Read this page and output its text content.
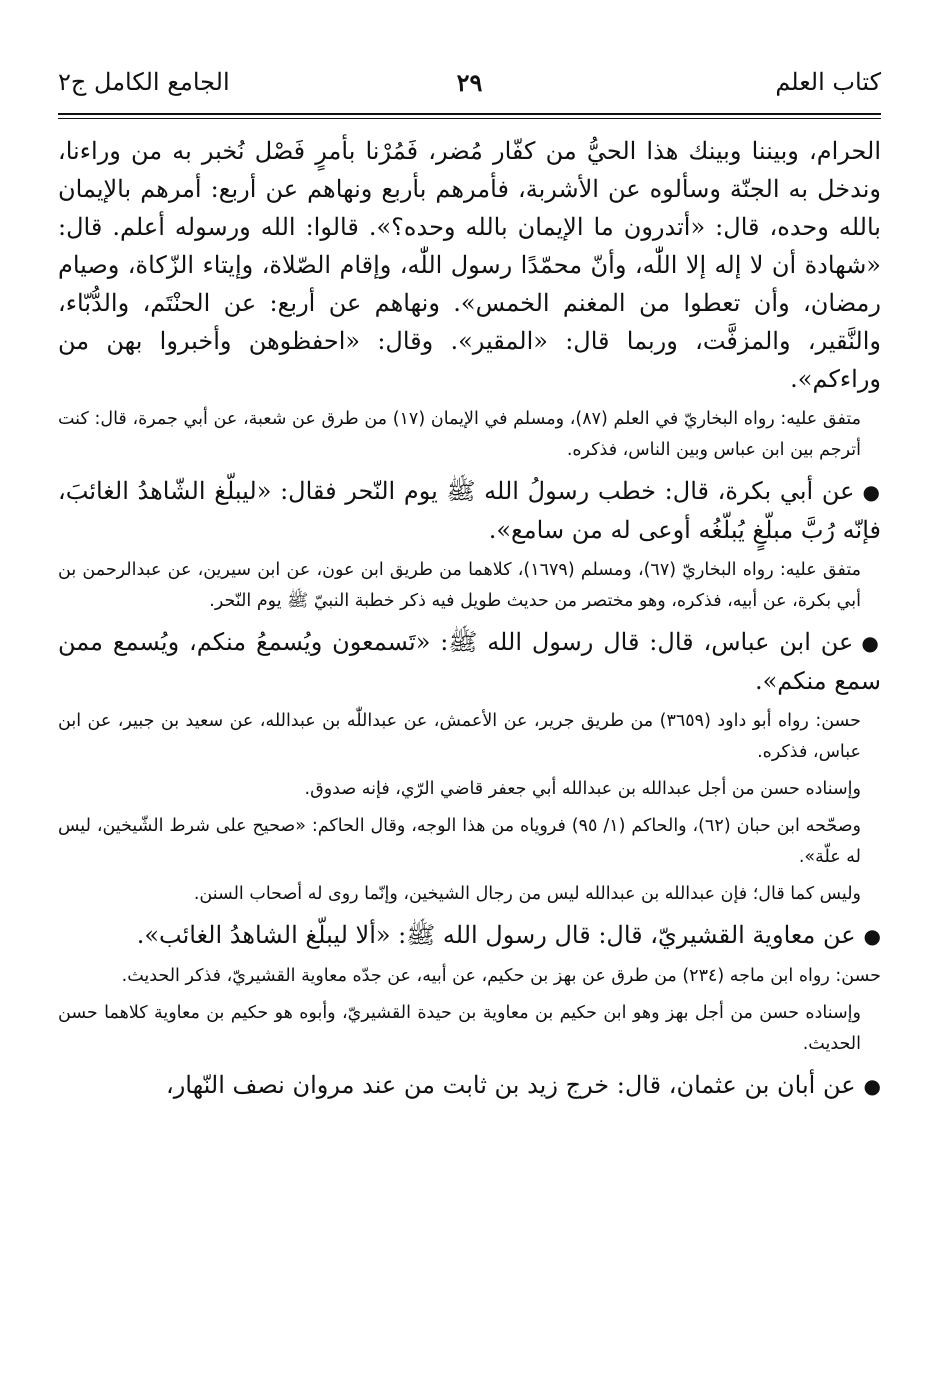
كتاب العلم
٢٩
الجامع الكامل ج٢

الحرام، وبيننا وبينك هذا الحيُّ من كفّار مُضر، فَمُرْنا بأمرٍ فَصْل نُخبر به من وراءنا، وندخل به الجنّة وسألوه عن الأشربة، فأمرهم بأربع ونهاهم عن أربع: أمرهم بالإيمان بالله وحده، قال: «أتدرون ما الإيمان بالله وحده؟». قالوا: الله ورسوله أعلم. قال: «شهادة أن لا إله إلا اللّٰه، وأنّ محمّدًا رسول اللّٰه، وإقام الصّلاة، وإيتاء الزّكاة، وصيام رمضان، وأن تعطوا من المغنم الخمس». ونهاهم عن أربع: عن الحنْتَم، والدُّبّاء، والنَّقير، والمزفَّت، وربما قال: «المقير». وقال: «احفظوهن وأخبروا بهن من وراءكم».

متفق عليه: رواه البخاريّ في العلم (٨٧)، ومسلم في الإيمان (١٧) من طرق عن شعبة، عن أبي جمرة، قال: كنت أترجم بين ابن عباس وبين الناس، فذكره.

●عن أبي بكرة، قال: خطب رسولُ الله ﷺ يوم النّحر فقال: «ليبلّغ الشّاهدُ الغائبَ، فإنّه رُبَّ مبلّغٍ يُبلّغُه أوعى له من سامع».

متفق عليه: رواه البخاريّ (٦٧)، ومسلم (١٦٧٩)، كلاهما من طريق ابن عون، عن ابن سيرين، عن عبدالرحمن بن أبي بكرة، عن أبيه، فذكره، وهو مختصر من حديث طويل فيه ذكر خطبة النبيّ ﷺ يوم النّحر.

●عن ابن عباس، قال: قال رسول الله ﷺ: «تَسمعون ويُسمعُ منكم، ويُسمع ممن سمع منكم».

حسن: رواه أبو داود (٣٦٥٩) من طريق جرير، عن الأعمش، عن عبداللّٰه بن عبدالله، عن سعيد بن جبير، عن ابن عباس، فذكره.

وإسناده حسن من أجل عبدالله بن عبدالله أبي جعفر قاضي الرّي، فإنه صدوق.

وصحّحه ابن حبان (٦٢)، والحاكم (١/ ٩٥) فروياه من هذا الوجه، وقال الحاكم: «صحيح على شرط الشّيخين، ليس له علّة».

وليس كما قال؛ فإن عبدالله بن عبدالله ليس من رجال الشيخين، وإنّما روى له أصحاب السنن.

●عن معاوية القشيريّ، قال: قال رسول الله ﷺ: «ألا ليبلّغ الشاهدُ الغائب».

حسن: رواه ابن ماجه (٢٣٤) من طرق عن بهز بن حكيم، عن أبيه، عن جدّه معاوية القشيريّ، فذكر الحديث.

وإسناده حسن من أجل بهز وهو ابن حكيم بن معاوية بن حيدة القشيريّ، وأبوه هو حكيم بن معاوية كلاهما حسن الحديث.

●عن أبان بن عثمان، قال: خرج زيد بن ثابت من عند مروان نصف النّهار،
